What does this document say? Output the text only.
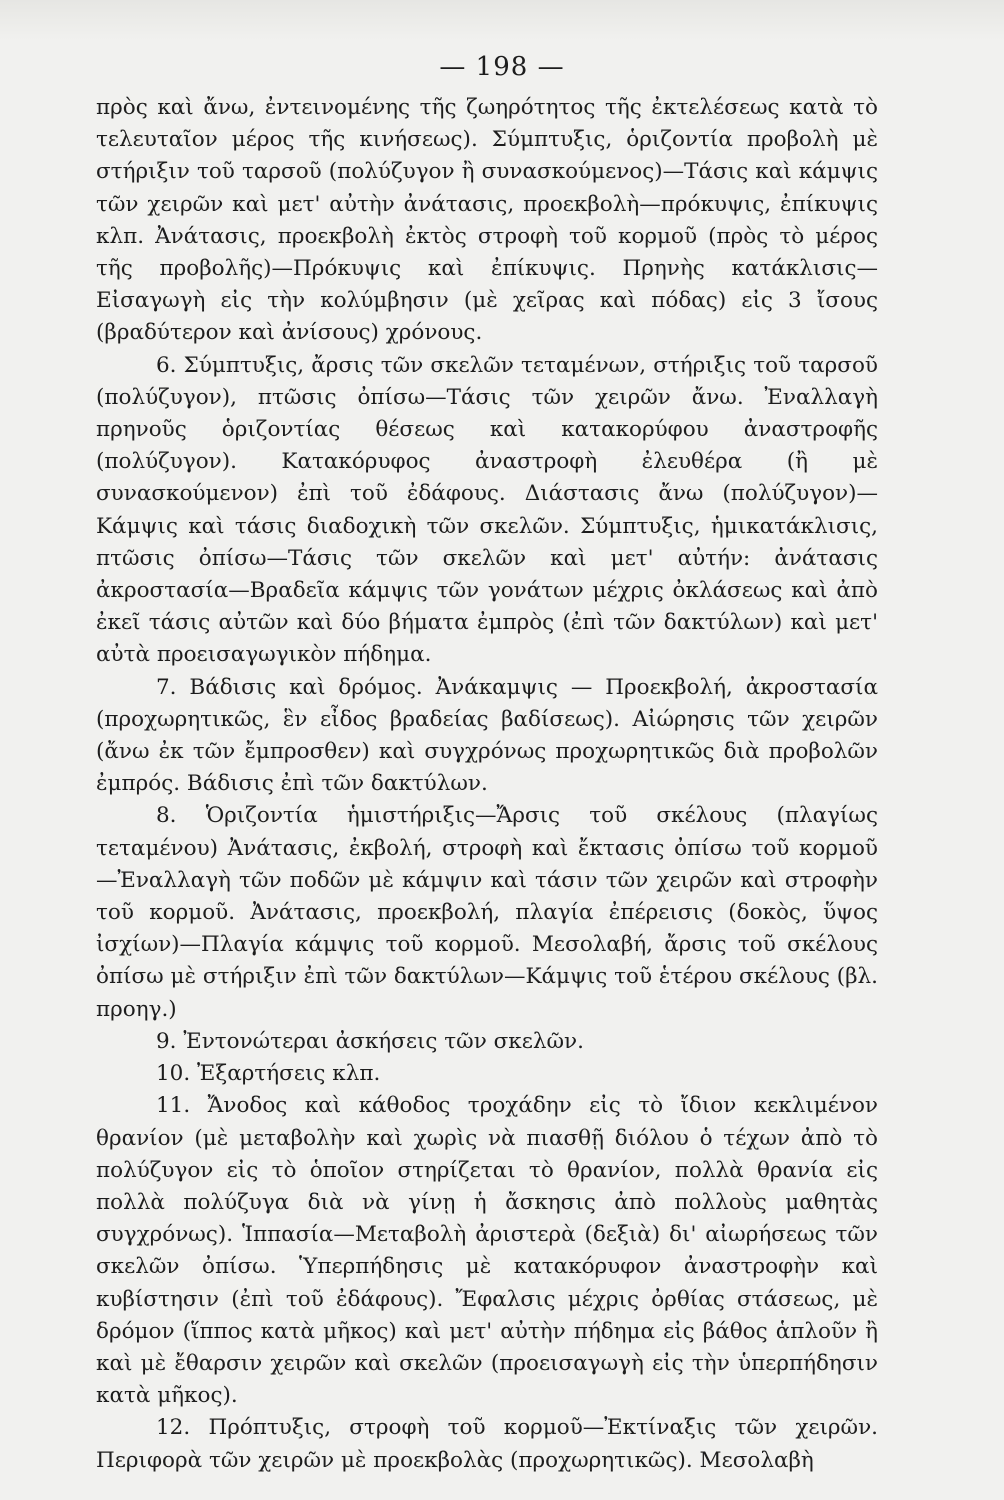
— 198 —

πρὸς καὶ ἄνω, ἐντεινομένης τῆς ζωηρότητος τῆς ἐκτελέσεως κατὰ τὸ τελευταῖον μέρος τῆς κινήσεως). Σύμπτυξις, ὁριζοντία προβολὴ μὲ στήριξιν τοῦ ταρσοῦ (πολύζυγον ἢ συνασκούμενος)—Τάσις καὶ κάμψις τῶν χειρῶν καὶ μετ' αὐτὴν ἀνάτασις, προεκβολὴ—πρόκυψις, ἐπίκυψις κλπ. Ἀνάτασις, προεκβολὴ ἐκτὸς στροφὴ τοῦ κορμοῦ (πρὸς τὸ μέρος τῆς προβολῆς)—Πρόκυψις καὶ ἐπίκυψις. Πρηνὴς κατάκλισις—Εἰσαγωγὴ εἰς τὴν κολύμβησιν (μὲ χεῖρας καὶ πόδας) εἰς 3 ἴσους (βραδύτερον καὶ ἀνίσους) χρόνους.

6. Σύμπτυξις, ἄρσις τῶν σκελῶν τεταμένων, στήριξις τοῦ ταρσοῦ (πολύζυγον), πτῶσις ὀπίσω—Τάσις τῶν χειρῶν ἄνω. Ἐναλλαγὴ πρηνοῦς ὁριζοντίας θέσεως καὶ κατακορύφου ἀναστροφῆς (πολύζυγον). Κατακόρυφος ἀναστροφὴ ἐλευθέρα (ἢ μὲ συνασκούμενον) ἐπὶ τοῦ ἐδάφους. Διάστασις ἄνω (πολύζυγον)—Κάμψις καὶ τάσις διαδοχικὴ τῶν σκελῶν. Σύμπτυξις, ἡμικατάκλισις, πτῶσις ὀπίσω—Τάσις τῶν σκελῶν καὶ μετ' αὐτήν: ἀνάτασις ἀκροστασία—Βραδεῖα κάμψις τῶν γονάτων μέχρις ὀκλάσεως καὶ ἀπὸ ἐκεῖ τάσις αὐτῶν καὶ δύο βήματα ἐμπρὸς (ἐπὶ τῶν δακτύλων) καὶ μετ' αὐτὰ προεισαγωγικὸν πήδημα.

7. Βάδισις καὶ δρόμος. Ἀνάκαμψις — Προεκβολή, ἀκροστασία (προχωρητικῶς, ἓν εἶδος βραδείας βαδίσεως). Αἰώρησις τῶν χειρῶν (ἄνω ἐκ τῶν ἔμπροσθεν) καὶ συγχρόνως προχωρητικῶς διὰ προβολῶν ἐμπρός. Βάδισις ἐπὶ τῶν δακτύλων.

8. Ὁριζοντία ἡμιστήριξις—Ἄρσις τοῦ σκέλους (πλαγίως τεταμένου) Ἀνάτασις, ἐκβολή, στροφὴ καὶ ἔκτασις ὀπίσω τοῦ κορμοῦ —Ἐναλλαγὴ τῶν ποδῶν μὲ κάμψιν καὶ τάσιν τῶν χειρῶν καὶ στροφὴν τοῦ κορμοῦ. Ἀνάτασις, προεκβολή, πλαγία ἐπέρεισις (δοκὸς, ὕψος ἰσχίων)—Πλαγία κάμψις τοῦ κορμοῦ. Μεσολαβή, ἄρσις τοῦ σκέλους ὀπίσω μὲ στήριξιν ἐπὶ τῶν δακτύλων—Κάμψις τοῦ ἑτέρου σκέλους (βλ. προηγ.)

9. Ἐντονώτεραι ἀσκήσεις τῶν σκελῶν.

10. Ἐξαρτήσεις κλπ.

11. Ἄνοδος καὶ κάθοδος τροχάδην εἰς τὸ ἴδιον κεκλιμένον θρανίον (μὲ μεταβολὴν καὶ χωρὶς νὰ πιασθῇ διόλου ὁ τέχων ἀπὸ τὸ πολύζυγον εἰς τὸ ὁποῖον στηρίζεται τὸ θρανίον, πολλὰ θρανία εἰς πολλὰ πολύζυγα διὰ νὰ γίνῃ ἡ ἄσκησις ἀπὸ πολλοὺς μαθητὰς συγχρόνως). Ἱππασία—Μεταβολὴ ἀριστερὰ (δεξιὰ) δι' αἰωρήσεως τῶν σκελῶν ὀπίσω. Ὑπερπήδησις μὲ κατακόρυφον ἀναστροφὴν καὶ κυβίστησιν (ἐπὶ τοῦ ἐδάφους). Ἔφαλσις μέχρις ὀρθίας στάσεως, μὲ δρόμον (ἵππος κατὰ μῆκος) καὶ μετ' αὐτὴν πήδημα εἰς βάθος ἁπλοῦν ἢ καὶ μὲ ἔθαρσιν χειρῶν καὶ σκελῶν (προεισαγωγὴ εἰς τὴν ὑπερπήδησιν κατὰ μῆκος).

12. Πρόπτυξις, στροφὴ τοῦ κορμοῦ—Ἐκτίναξις τῶν χειρῶν. Περιφορὰ τῶν χειρῶν μὲ προεκβολὰς (προχωρητικῶς). Μεσολαβὴ
